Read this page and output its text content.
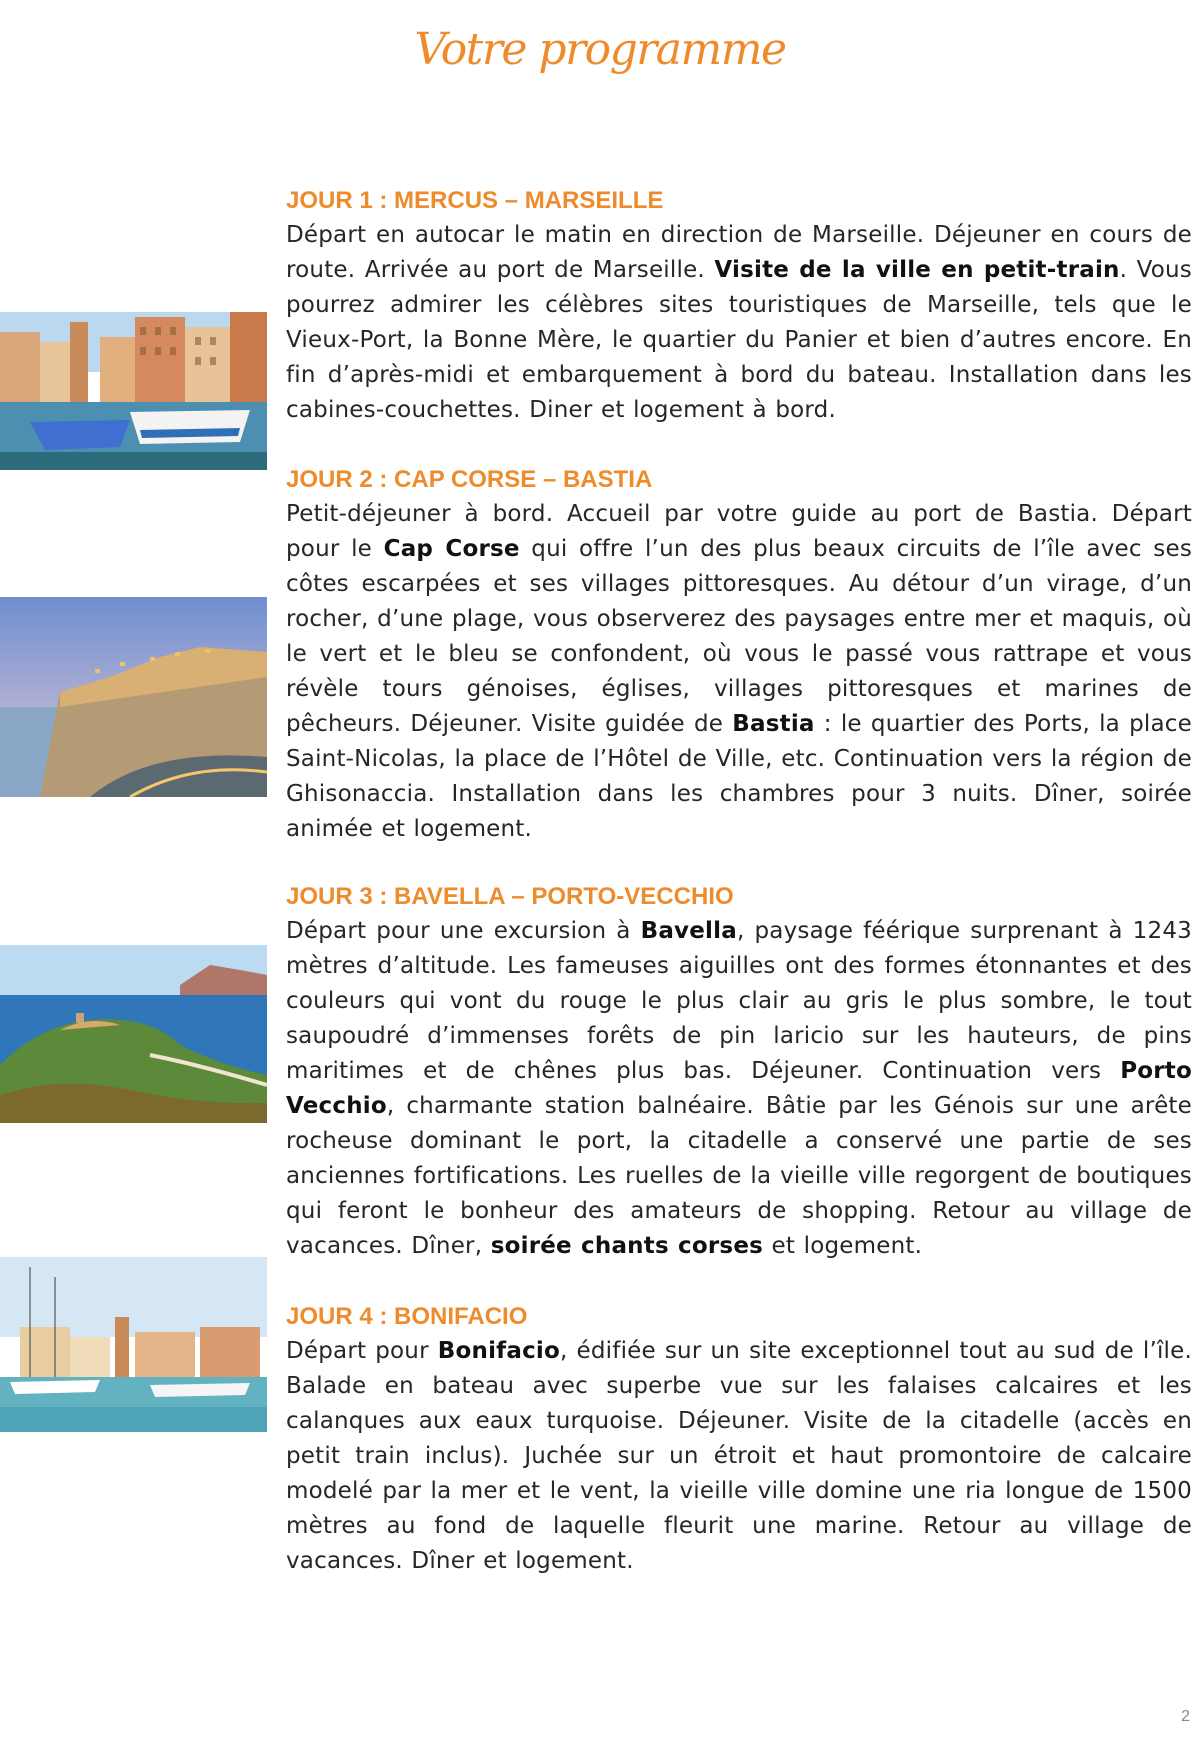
Votre programme
JOUR 1 : MERCUS – MARSEILLE

Départ en autocar le matin en direction de Marseille. Déjeuner en cours de route. Arrivée au port de Marseille. Visite de la ville en petit-train. Vous pourrez admirer les célèbres sites touristiques de Marseille, tels que le Vieux-Port, la Bonne Mère, le quartier du Panier et bien d’autres encore. En fin d’après-midi et embarquement à bord du bateau. Installation dans les cabines-couchettes. Diner et logement à bord.

JOUR 2 : CAP CORSE – BASTIA

Petit-déjeuner à bord. Accueil par votre guide au port de Bastia. Départ pour le Cap Corse qui offre l’un des plus beaux circuits de l’île avec ses côtes escarpées et ses villages pittoresques. Au détour d’un virage, d’un rocher, d’une plage, vous observerez des paysages entre mer et maquis, où le vert et le bleu se confondent, où vous le passé vous rattrape et vous révèle tours génoises, églises, villages pittoresques et marines de pêcheurs. Déjeuner. Visite guidée de Bastia : le quartier des Ports, la place Saint-Nicolas, la place de l’Hôtel de Ville, etc. Continuation vers la région de Ghisonaccia. Installation dans les chambres pour 3 nuits. Dîner, soirée animée et logement.

JOUR 3 : BAVELLA – PORTO-VECCHIO

Départ pour une excursion à Bavella, paysage féérique surprenant à 1243 mètres d’altitude. Les fameuses aiguilles ont des formes étonnantes et des couleurs qui vont du rouge le plus clair au gris le plus sombre, le tout saupoudré d’immenses forêts de pin laricio sur les hauteurs, de pins maritimes et de chênes plus bas. Déjeuner. Continuation vers Porto Vecchio, charmante station balnéaire. Bâtie par les Génois sur une arête rocheuse dominant le port, la citadelle a conservé une partie de ses anciennes fortifications. Les ruelles de la vieille ville regorgent de boutiques qui feront le bonheur des amateurs de shopping. Retour au village de vacances. Dîner, soirée chants corses et logement.

JOUR 4 : BONIFACIO

Départ pour Bonifacio, édifiée sur un site exceptionnel tout au sud de l’île. Balade en bateau avec superbe vue sur les falaises calcaires et les calanques aux eaux turquoise. Déjeuner. Visite de la citadelle (accès en petit train inclus). Juchée sur un étroit et haut promontoire de calcaire modelé par la mer et le vent, la vieille ville domine une ria longue de 1500 mètres au fond de laquelle fleurit une marine. Retour au village de vacances. Dîner et logement.

2
